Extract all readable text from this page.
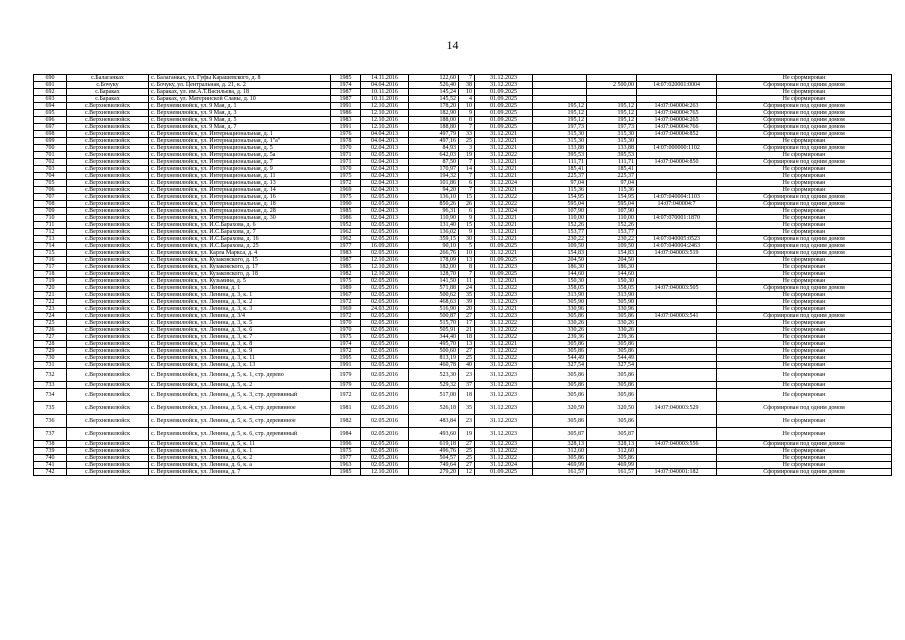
14
690	с.Балаганках	с. Балаганках, ул. Гуфы Карашевского, д. 8	1985	14.11.2016	122,60	7	31.12.2023				Не сформирован
691	с.Бочуку	с. Бочуку, ул. Центральная, д. 21, к. 2	1974	04.04.2016	526,40	38	31.12.2023		2 500,00	14:07:020001:0004	Сформирован под одним домом
692	с.Бараках	с. Бараках, ул. им.А.Т.Васильева, д. 18	1987	10.11.2016	145,24	10	01.09.2025				Не сформирован
693	с.Бараках	с. Бараках, ул. Материнской Славы, д. 10	1987	10.11.2016	145,52	4	01.09.2025				Не сформирован
694	с.Верхневилюйск	с. Верхневилюйск, ул. 9 Мая, д. 1	1991	12.10.2016	178,20	10	01.09.2025	195,12	195,12	14:07:040004:263	Сформирован под одним домом
695	с.Верхневилюйск	с. Верхневилюйск, ул. 9 Мая, д. 3	1986	12.10.2016	182,90	9	01.09.2025	195,12	195,12	14:07:040004:765	Сформирован под одним домом
696	с.Верхневилюйск	с. Верхневилюйск, ул. 9 Мая, д. 5	1983	12.10.2016	188,00	8	01.09.2025	195,12	195,12	14:07:040004:265	Сформирован под одним домом
697	с.Верхневилюйск	с. Верхневилюйск, ул. 9 Мая, д. 7	1991	12.10.2016	188,80	7	01.09.2025	197,73	197,73	14:07:040004:766	Сформирован под одним домом
698	с.Верхневилюйск	с. Верхневилюйск, ул. Интернациональная, д. 1	1976	04.04.2013	497,79	33	31.12.2021	315,30	315,30	14:07:040004:852	Сформирован под одним домом
699	с.Верхневилюйск	с. Верхневилюйск, ул. Интернациональная, д. 1"а"	1978	04.04.2013	497,16	25	31.12.2021	315,30	315,30		Не сформирован
700	с.Верхневилюйск	с. Верхневилюйск, ул. Интернациональная, д. 5	1970	02.04.2013	84,93	3	31.12.2021	133,88	133,88	14:07:000000:1102	Сформирован под одним домом
701	с.Верхневилюйск	с. Верхневилюйск, ул. Интернациональная, д. 5а	1971	02.05.2016	642,03	19	31.12.2022	395,53	395,53		Не сформирован
702	с.Верхневилюйск	с. Верхневилюйск, ул. Интернациональная, д. 7	1971	02.04.2013	87,50	7	31.12.2021	111,71	111,71	14:07:040004:850	Сформирован под одним домом
703	с.Верхневилюйск	с. Верхневилюйск, ул. Интернациональная, д. 9	1970	02.04.2013	170,97	14	31.12.2021	185,41	185,41		Не сформирован
704	с.Верхневилюйск	с. Верхневилюйск, ул. Интернациональная, д. 11	1975	02.04.2013	194,32	7	31.12.2021	225,37	225,37		Не сформирован
705	с.Верхневилюйск	с. Верхневилюйск, ул. Интернациональная, д. 13	1972	02.04.2013	101,86	6	31.12.2024	97,04	97,04		Не сформирован
706	с.Верхневилюйск	с. Верхневилюйск, ул. Интернациональная, д. 14	1969	02.04.2013	94,20	7	31.12.2021	115,36	115,36		Не сформирован
707	с.Верхневилюйск	с. Верхневилюйск, ул. Интернациональная, д. 16	1975	02.05.2016	136,10	15	31.12.2022	154,95	154,95	14:07:040004:1103	Сформирован под одним домом
708	с.Верхневилюйск	с. Верхневилюйск, ул. Интернациональная, д. 18	1990	02.05.2016	850,26	26	31.12.2022	595,04	595,04	14:07:040004:7	Сформирован под одним домом
709	с.Верхневилюйск	с. Верхневилюйск, ул. Интернациональная, д. 28	1985	02.04.2013	96,31	6	31.12.2024	107,90	107,90		Не сформирован
710	с.Верхневилюйск	с. Верхневилюйск, ул. Интернациональная, д. 30	1986	02.04.2013	110,90	9	31.12.2021	110,00	110,00	14:07:070001:1870	Не сформирован
711	с.Верхневилюйск	с. Верхневилюйск, ул. И.С.Барахова, д. 6	1952	02.05.2016	131,40	15	31.12.2021	152,26	152,26		Не сформирован
712	с.Верхневилюйск	с. Верхневилюйск, ул. И.С.Барахова, д. 7	1962	02.05.2016	136,02	9	31.12.2021	153,77	153,77		Не сформирован
713	с.Верхневилюйск	с. Верхневилюйск, ул. И.С.Барахова, д. 16	1962	02.05.2016	359,15	30	31.12.2021	230,22	230,22	14:07:040005:0523	Сформирован под одним домом
714	с.Верхневилюйск	с. Верхневилюйск, ул. И.С.Барахова, д. 25	1977	16.09.2016	90,10	5	01.09.2025	109,50	109,50	14:07:040004:2463	Сформирован под одним домом
715	с.Верхневилюйск	с. Верхневилюйск, ул. Карла Маркса, д. 4	1983	02.05.2016	266,76	10	31.12.2021	154,83	154,83	14:07:040003:519	Сформирован под одним домом
716	с.Верхневилюйск	с. Верхневилюйск, ул. Кузаковского, д. 15	1987	12.10.2016	178,09	13	01.09.2025	204,50	204,50		Не сформирован
717	с.Верхневилюйск	с. Верхневилюйск, ул. Кузаковского, д. 17	1985	12.10.2016	182,00	8	01.12.2023	186,30	186,30		Не сформирован
718	с.Верхневилюйск	с. Верхневилюйск, ул. Кузаковского, д. 18	1982	12.10.2016	128,70	7	01.09.2025	144,60	144,60		Не сформирован
719	с.Верхневилюйск	с. Верхневилюйск, ул. Кузьмина, д. 5	1975	02.05.2016	141,50	11	31.12.2021	150,30	150,30		Не сформирован
720	с.Верхневилюйск	с. Верхневилюйск, ул. Ленина, д. 1	1989	02.05.2016	571,88	24	31.12.2022	358,05	358,05	14:07:040003:505	Сформирован под одним домом
721	с.Верхневилюйск	с. Верхневилюйск, ул. Ленина, д. 3, к. 1	1967	02.05.2016	500,62	35	31.12.2023	313,90	313,90		Не сформирован
722	с.Верхневилюйск	с. Верхневилюйск, ул. Ленина, д. 3, к. 2	1972	02.05.2016	468,63	39	31.12.2023	305,90	305,90		Не сформирован
723	с.Верхневилюйск	с. Верхневилюйск, ул. Ленина, д. 3, к. 3	1969	24.03.2016	516,90	20	31.12.2021	330,96	330,96		Не сформирован
724	с.Верхневилюйск	с. Верхневилюйск, ул. Ленина, д. 3/4	1972	02.05.2016	500,87	27	31.12.2023	305,86	305,86	14:07:040003:541	Сформирован под одним домом
725	с.Верхневилюйск	с. Верхневилюйск, ул. Ленина, д. 3, к. 5	1970	02.05.2016	515,70	17	31.12.2022	330,26	330,26		Не сформирован
726	с.Верхневилюйск	с. Верхневилюйск, ул. Ленина, д. 3, к. 6	1970	02.05.2016	505,91	21	31.12.2022	330,26	330,26		Не сформирован
727	с.Верхневилюйск	с. Верхневилюйск, ул. Ленина, д. 3, к. 7	1975	02.05.2016	344,40	18	31.12.2022	239,36	239,36		Не сформирован
728	с.Верхневилюйск	с. Верхневилюйск, ул. Ленина, д. 3, к. 8	1974	02.05.2016	495,70	13	31.12.2021	305,86	305,86		Не сформирован
729	с.Верхневилюйск	с. Верхневилюйск, ул. Ленина, д. 3, к. 9	1972	02.05.2016	500,60	27	31.12.2022	305,86	305,86		Не сформирован
730	с.Верхневилюйск	с. Верхневилюйск, ул. Ленина, д. 3, к. 11	1995	02.05.2016	813,19	25	31.12.2022	544,49	544,49		Не сформирован
731	с.Верхневилюйск	с. Верхневилюйск, ул. Ленина, д. 3, к. 13	1991	02.05.2016	460,78	40	31.12.2023	327,54	327,54		Не сформирован
732	с.Верхневилюйск	с. Верхневилюйск, ул. Ленина, д. 5, к. 1, стр. дерево	1979	02.05.2016	523,30	23	31.12.2023	305,86	305,86		Не сформирован
733	с.Верхневилюйск	с. Верхневилюйск, ул. Ленина, д. 5, к. 2	1979	02.05.2016	529,32	37	31.12.2023	305,86	305,86		Не сформирован
734	с.Верхневилюйск	с. Верхневилюйск, ул. Ленина, д. 5, к. 3, стр. деревянный	1972	02.05.2016	517,00	18	31.12.2023	305,86	305,86		Не сформирован
735	с.Верхневилюйск	с. Верхневилюйск, ул. Ленина, д. 5, к. 4, стр. деревянное	1981	02.05.2016	526,18	35	31.12.2023	320,50	320,50	14:07:040003:529	Сформирован под одним домом
736	с.Верхневилюйск	с. Верхневилюйск, ул. Ленина, д. 5, к. 5, стр. деревянное	1982	02.05.2016	483,84	23	31.12.2023	305,86	305,86		Не сформирован
737	с.Верхневилюйск	с. Верхневилюйск, ул. Ленина, д. 5, к. 6, стр. деревянный	1984	02.05.2016	493,60	19	31.12.2023	305,87	305,87		Не сформирован
738	с.Верхневилюйск	с. Верхневилюйск, ул. Ленина, д. 5, к. 11	1996	02.05.2016	619,18	27	31.12.2023	328,13	328,13	14:07:040003:556	Сформирован под одним домом
739	с.Верхневилюйск	с. Верхневилюйск, ул. Ленина, д. 6, к. 1	1975	02.05.2016	496,76	25	31.12.2022	312,60	312,60		Не сформирован
740	с.Верхневилюйск	с. Верхневилюйск, ул. Ленина, д. 6, к. 2	1977	02.05.2016	504,57	25	31.12.2022	305,86	305,86		Не сформирован
741	с.Верхневилюйск	с. Верхневилюйск, ул. Ленина, д. 6, к. а	1963	02.05.2016	749,64	27	31.12.2024	469,99	469,99		Не сформирован
742	с.Верхневилюйск	с. Верхневилюйск, ул. Ленина, д. 7	1985	12.10.2016	279,20	12	01.09.2025	161,57	161,57	14:07:040001:182	Сформирован под одним домом
